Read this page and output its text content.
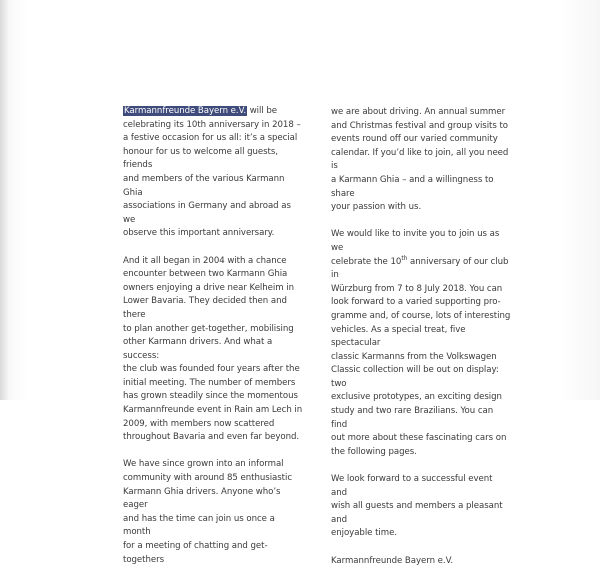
Karmannfreunde Bayern e.V. will be
celebrating its 10th anniversary in 2018 –
a festive occasion for us all: it’s a special
honour for us to welcome all guests, friends
and members of the various Karmann Ghia
associations in Germany and abroad as we
observe this important anniversary.

And it all began in 2004 with a chance
encounter between two Karmann Ghia
owners enjoying a drive near Kelheim in
Lower Bavaria. They decided then and there
to plan another get-together, mobilising
other Karmann drivers. And what a success:
the club was founded four years after the
initial meeting. The number of members
has grown steadily since the momentous
Karmannfreunde event in Rain am Lech in
2009, with members now scattered
throughout Bavaria and even far beyond.

We have since grown into an informal
community with around 85 enthusiastic
Karmann Ghia drivers. Anyone who’s eager
and has the time can join us once a month
for a meeting of chatting and get-togethers

we are about driving. An annual summer
and Christmas festival and group visits to
events round off our varied community
calendar. If you’d like to join, all you need is
a Karmann Ghia – and a willingness to share
your passion with us.

We would like to invite you to join us as we
celebrate the 10th anniversary of our club in
Würzburg from 7 to 8 July 2018. You can
look forward to a varied supporting pro-
gramme and, of course, lots of interesting
vehicles. As a special treat, five spectacular
classic Karmanns from the Volkswagen
Classic collection will be out on display: two
exclusive prototypes, an exciting design
study and two rare Brazilians. You can find
out more about these fascinating cars on
the following pages.

We look forward to a successful event and
wish all guests and members a pleasant and
enjoyable time.

Karmannfreunde Bayern e.V.
